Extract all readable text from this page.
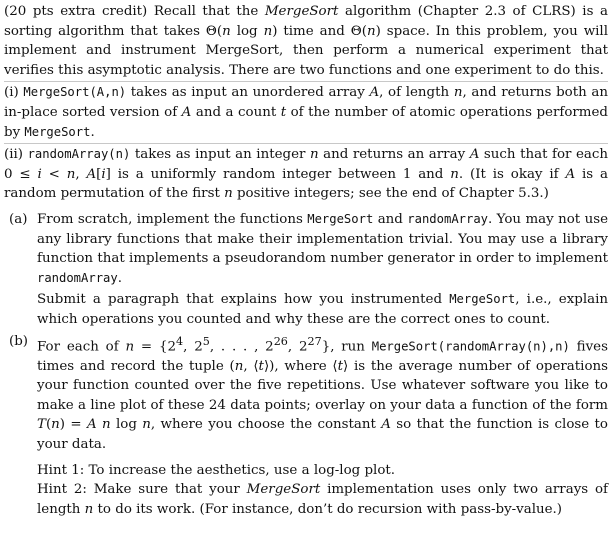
(20 pts extra credit) Recall that the MergeSort algorithm (Chapter 2.3 of CLRS) is a sorting algorithm that takes Θ(n log n) time and Θ(n) space. In this problem, you will implement and instrument MergeSort, then perform a numerical experiment that verifies this asymptotic analysis. There are two functions and one experiment to do this.

(i) MergeSort(A,n) takes as input an unordered array A, of length n, and returns both an in-place sorted version of A and a count t of the number of atomic operations performed by MergeSort.

(ii) randomArray(n) takes as input an integer n and returns an array A such that for each 0 ≤ i < n, A[i] is a uniformly random integer between 1 and n. (It is okay if A is a random permutation of the first n positive integers; see the end of Chapter 5.3.)

(a) From scratch, implement the functions MergeSort and randomArray. You may not use any library functions that make their implementation trivial. You may use a library function that implements a pseudorandom number generator in order to implement randomArray.

Submit a paragraph that explains how you instrumented MergeSort, i.e., explain which operations you counted and why these are the correct ones to count.

(b) For each of $n = \{2^4$, $2^5$, . . . , $2^{26}$, $2^{27}$}, run MergeSort(randomArray(n),n) fives times and record the tuple (n, ⟨t⟩), where ⟨t⟩ is the average number of operations your function counted over the five repetitions. Use whatever software you like to make a line plot of these 24 data points; overlay on your data a function of the form T(n) = A n log n, where you choose the constant A so that the function is close to your data.

Hint 1: To increase the aesthetics, use a log-log plot.

Hint 2: Make sure that your MergeSort implementation uses only two arrays of length n to do its work. (For instance, don’t do recursion with pass-by-value.)
